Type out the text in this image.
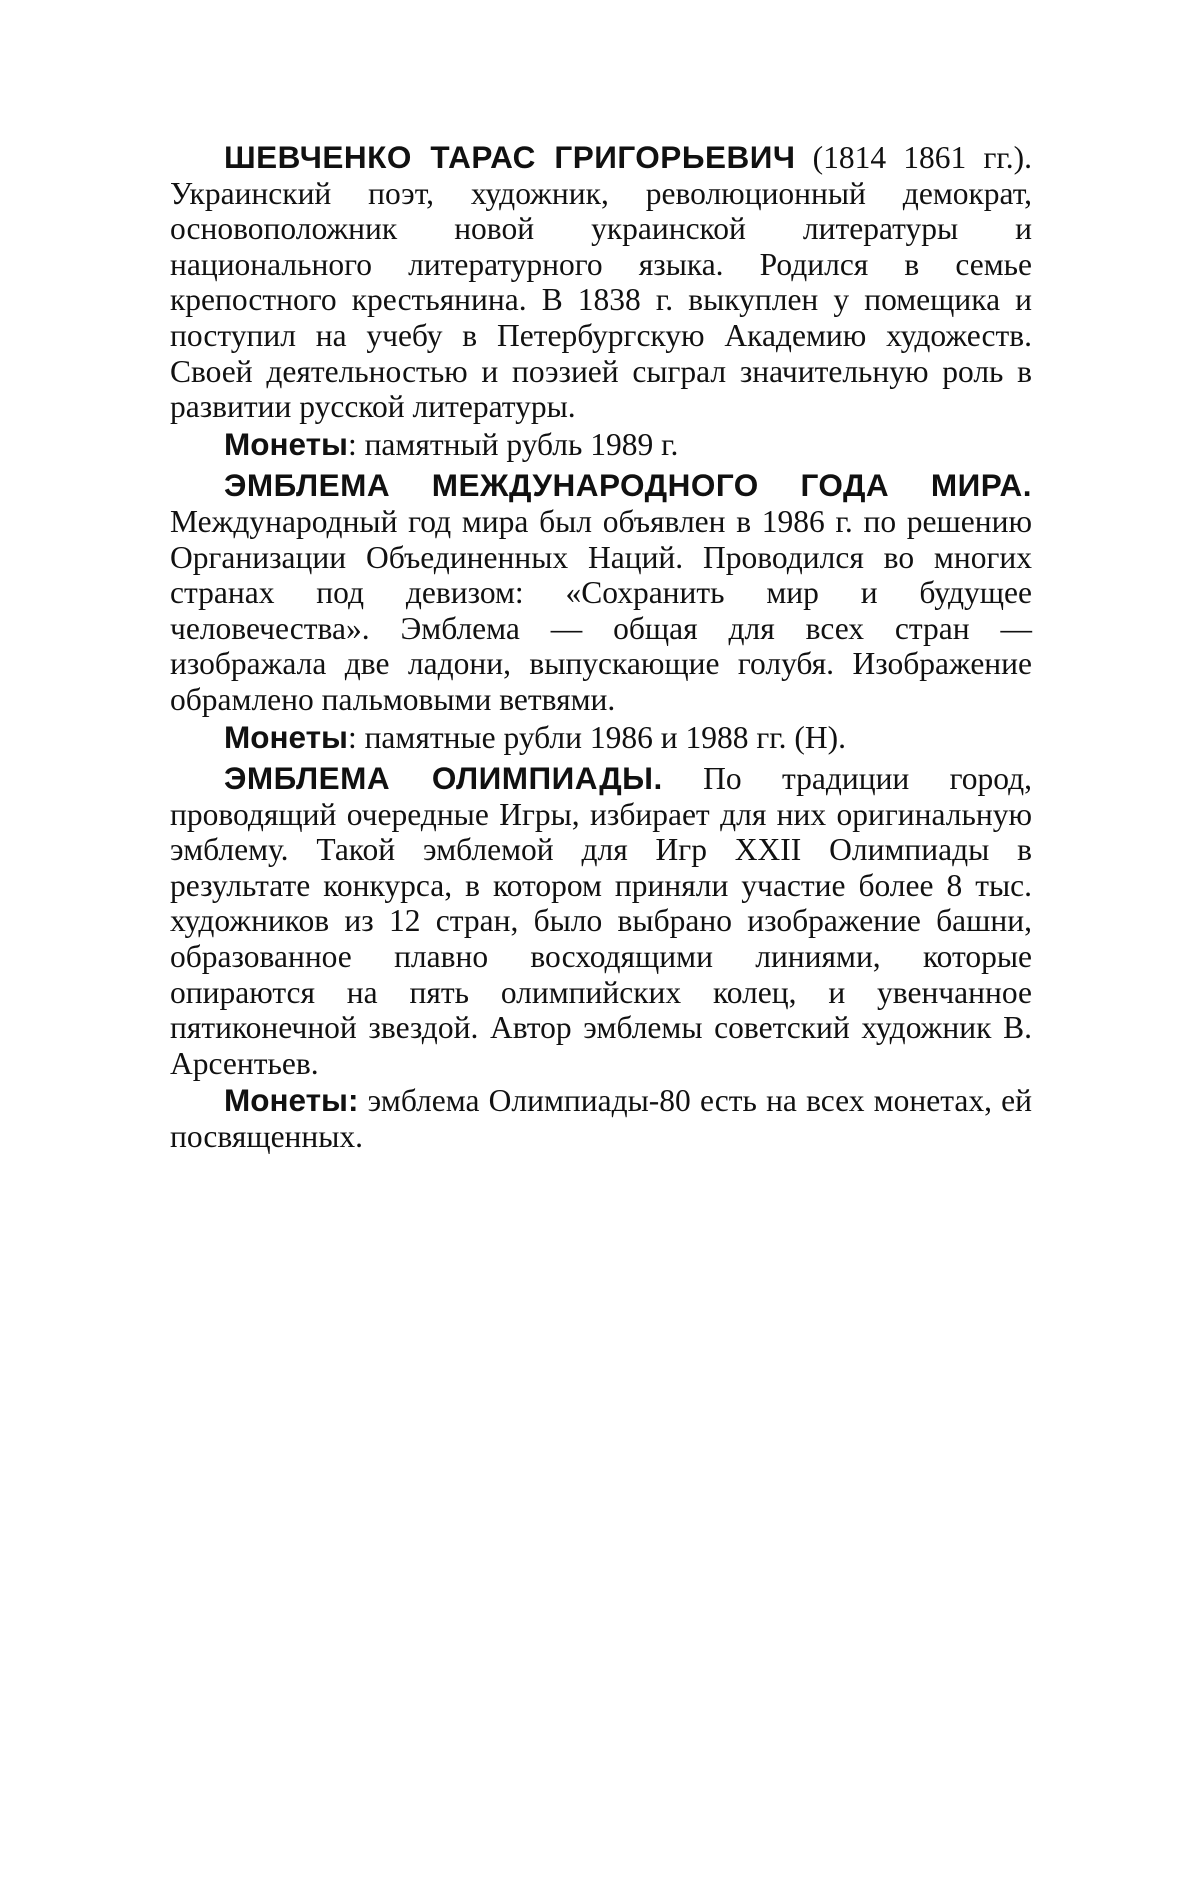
ШЕВЧЕНКО ТАРАС ГРИГОРЬЕВИЧ (1814 1861 гг.). Украинский поэт, художник, революционный демократ, основоположник новой украинской литературы и национального литературного языка. Родился в семье крепостного крестьянина. В 1838 г. выкуплен у помещика и поступил на учебу в Петербургскую Академию художеств. Своей деятельностью и поэзией сыграл значительную роль в развитии русской литературы.

Монеты: памятный рубль 1989 г.

ЭМБЛЕМА МЕЖДУНАРОДНОГО ГОДА МИРА. Международный год мира был объявлен в 1986 г. по решению Организации Объединенных Наций. Проводился во многих странах под девизом: «Сохранить мир и будущее человечества». Эмблема — общая для всех стран — изображала две ладони, выпускающие голубя. Изображение обрамлено пальмовыми ветвями.

Монеты: памятные рубли 1986 и 1988 гг. (Н).

ЭМБЛЕМА ОЛИМПИАДЫ. По традиции город, проводящий очередные Игры, избирает для них оригинальную эмблему. Такой эмблемой для Игр XXII Олимпиады в результате конкурса, в котором приняли участие более 8 тыс. художников из 12 стран, было выбрано изображение башни, образованное плавно восходящими линиями, которые опираются на пять олимпийских колец, и увенчанное пятиконечной звездой. Автор эмблемы советский художник В. Арсентьев.

Монеты: эмблема Олимпиады-80 есть на всех монетах, ей посвященных.
